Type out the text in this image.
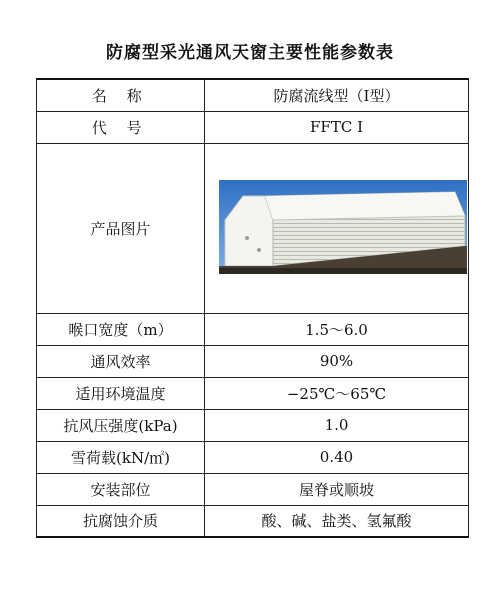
防腐型采光通风天窗主要性能参数表
名 称	防腐流线型（I型）
代 号	FFTC I
产品图片	

喉口宽度（m）	1.5～6.0
通风效率	90%
适用环境温度	−25℃～65℃
抗风压强度(kPa)	1.0
雪荷载(kN/㎡)	0.40
安装部位	屋脊或顺坡
抗腐蚀介质	酸、碱、盐类、氢氟酸
